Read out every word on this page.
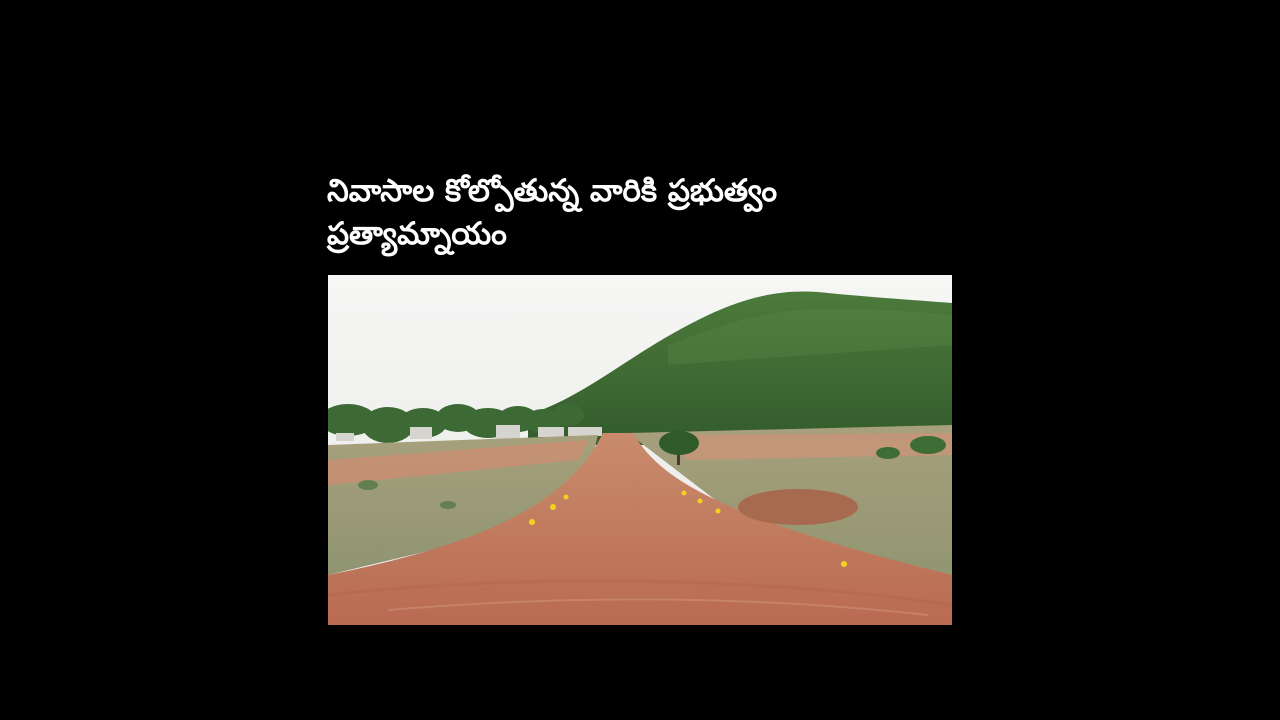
నివాసాల కోల్పోతున్న వారికి ప్రభుత్వం ప్రత్యామ్నాయం
